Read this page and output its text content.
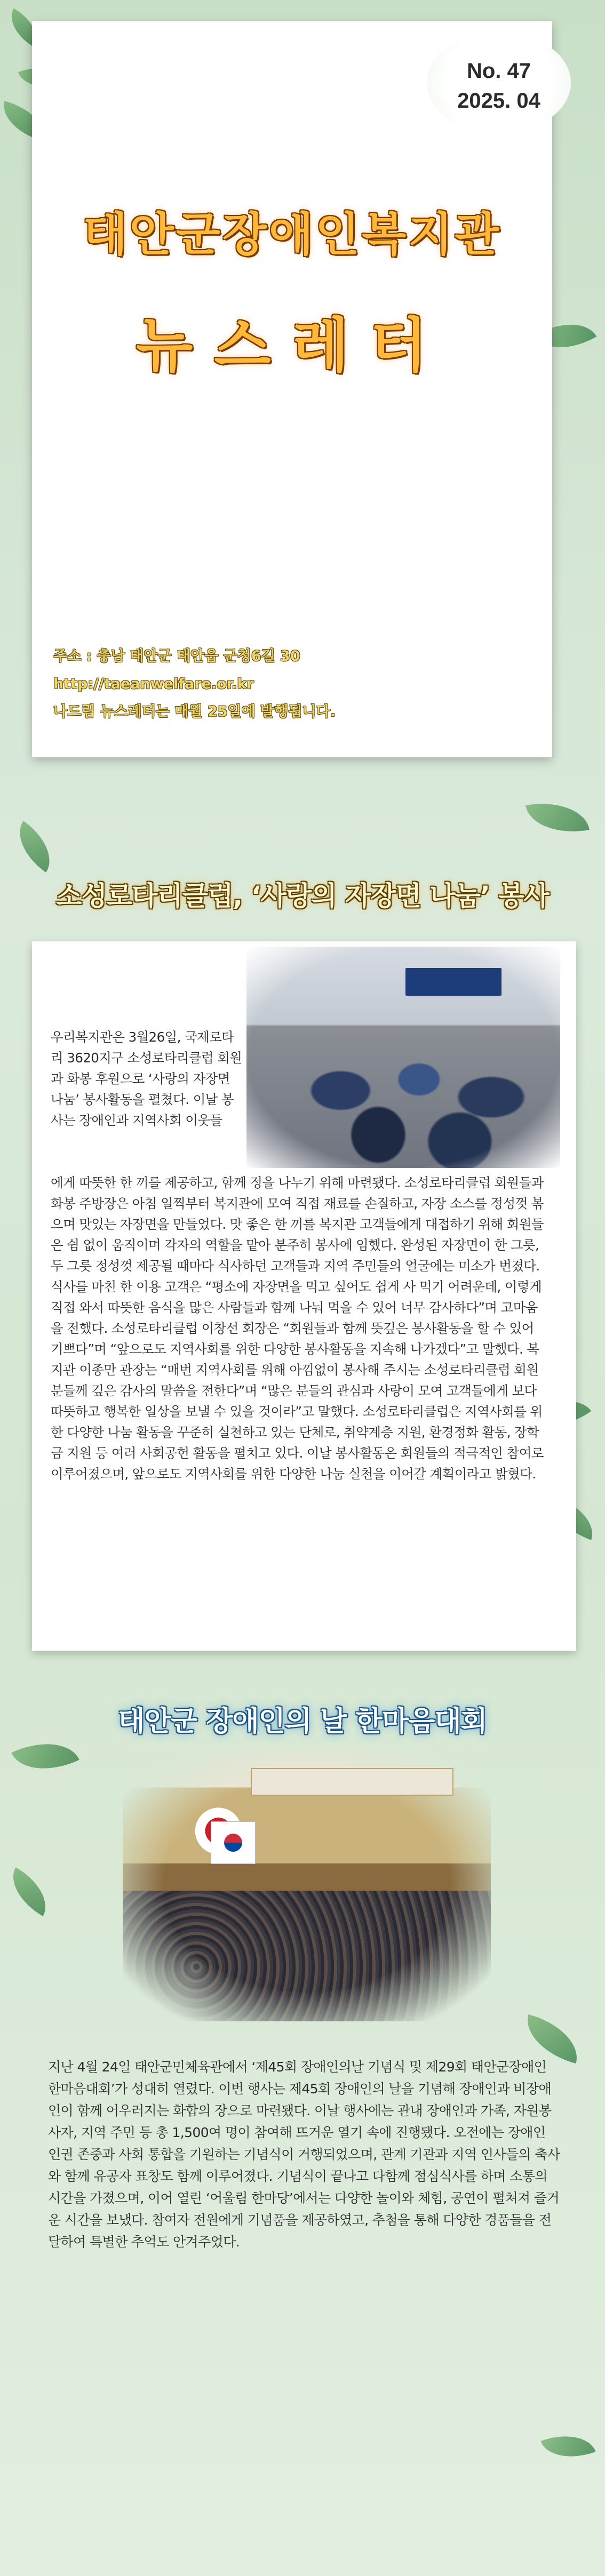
No. 47
2025. 04
태안군장애인복지관
뉴스레터
주소 : 충남 태안군 태안읍 군청6길 30
http://taeanwelfare.or.kr
나드림 뉴스레터는 매월 25일에 발행됩니다.
소성로타리클럽, ‘사랑의 자장면 나눔’ 봉사
우리복지관은 3월26일, 국제로타리 3620지구 소성로타리클럽 회원과 화봉 후원으로 ‘사랑의 자장면 나눔’ 봉사활동을 펼쳤다. 이날 봉사는 장애인과 지역사회 이웃들
에게 따뜻한 한 끼를 제공하고, 함께 정을 나누기 위해 마련됐다. 소성로타리클럽 회원들과 화봉 주방장은 아침 일찍부터 복지관에 모여 직접 재료를 손질하고, 자장 소스를 정성껏 볶으며 맛있는 자장면을 만들었다. 맛 좋은 한 끼를 복지관 고객들에게 대접하기 위해 회원들은 쉼 없이 움직이며 각자의 역할을 맡아 분주히 봉사에 임했다. 완성된 자장면이 한 그릇, 두 그릇 정성껏 제공될 때마다 식사하던 고객들과 지역 주민들의 얼굴에는 미소가 번졌다. 식사를 마친 한 이용 고객은 “평소에 자장면을 먹고 싶어도 쉽게 사 먹기 어려운데, 이렇게 직접 와서 따뜻한 음식을 많은 사람들과 함께 나눠 먹을 수 있어 너무 감사하다”며 고마움을 전했다. 소성로타리클럽 이창선 회장은 “회원들과 함께 뜻깊은 봉사활동을 할 수 있어 기쁘다”며 “앞으로도 지역사회를 위한 다양한 봉사활동을 지속해 나가겠다”고 말했다. 복지관 이종만 관장는 “매번 지역사회를 위해 아낌없이 봉사해 주시는 소성로타리클럽 회원분들께 깊은 감사의 말씀을 전한다”며 “많은 분들의 관심과 사랑이 모여 고객들에게 보다 따뜻하고 행복한 일상을 보낼 수 있을 것이라”고 말했다. 소성로타리클럽은 지역사회를 위한 다양한 나눔 활동을 꾸준히 실천하고 있는 단체로, 취약계층 지원, 환경정화 활동, 장학금 지원 등 여러 사회공헌 활동을 펼치고 있다. 이날 봉사활동은 회원들의 적극적인 참여로 이루어졌으며, 앞으로도 지역사회를 위한 다양한 나눔 실천을 이어갈 계획이라고 밝혔다.
태안군 장애인의 날 한마음대회
지난 4월 24일 태안군민체육관에서 ‘제45회 장애인의날 기념식 및 제29회 태안군장애인 한마음대회’가 성대히 열렸다. 이번 행사는 제45회 장애인의 날을 기념해 장애인과 비장애인이 함께 어우러지는 화합의 장으로 마련됐다. 이날 행사에는 관내 장애인과 가족, 자원봉사자, 지역 주민 등 총 1,500여 명이 참여해 뜨거운 열기 속에 진행됐다. 오전에는 장애인 인권 존중과 사회 통합을 기원하는 기념식이 거행되었으며, 관계 기관과 지역 인사들의 축사와 함께 유공자 표창도 함께 이루어졌다. 기념식이 끝나고 다함께 점심식사를 하며 소통의 시간을 가졌으며, 이어 열린 ‘어울림 한마당’에서는 다양한 놀이와 체험, 공연이 펼쳐져 즐거운 시간을 보냈다. 참여자 전원에게 기념품을 제공하였고, 추첨을 통해 다양한 경품들을 전달하여 특별한 추억도 안겨주었다.
